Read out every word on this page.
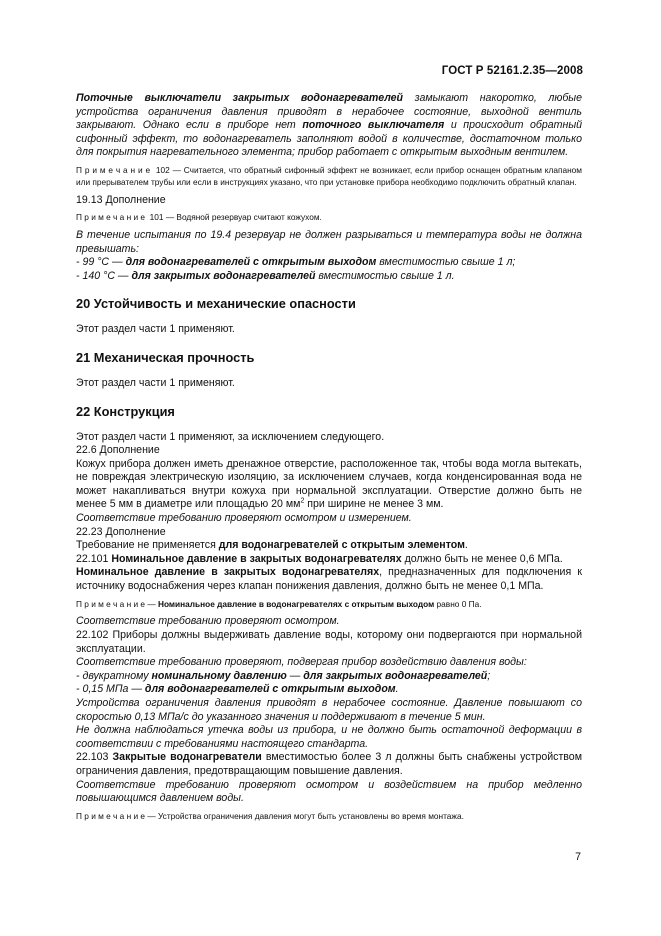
ГОСТ Р 52161.2.35—2008

Поточные выключатели закрытых водонагревателей замыкают накоротко, любые устройства ограничения давления приводят в нерабочее состояние, выходной вентиль закрывают. Однако если в приборе нет поточного выключателя и происходит обратный сифонный эффект, то водонагреватель заполняют водой в количестве, достаточном только для покрытия нагревательного элемента; прибор работает с открытым выходным вентилем.

П р и м е ч а н и е 102 — Считается, что обратный сифонный эффект не возникает, если прибор оснащен обратным клапаном или прерывателем трубы или если в инструкциях указано, что при установке прибора необходимо подключить обратный клапан.

19.13 Дополнение

П р и м е ч а н и е 101 — Водяной резервуар считают кожухом.

В течение испытания по 19.4 резервуар не должен разрываться и температура воды не должна превышать:

- 99 °С — для водонагревателей с открытым выходом вместимостью свыше 1 л;

- 140 °С — для закрытых водонагревателей вместимостью свыше 1 л.

20 Устойчивость и механические опасности

Этот раздел части 1 применяют.

21 Механическая прочность

Этот раздел части 1 применяют.

22 Конструкция

Этот раздел части 1 применяют, за исключением следующего.

22.6 Дополнение

Кожух прибора должен иметь дренажное отверстие, расположенное так, чтобы вода могла вытекать, не повреждая электрическую изоляцию, за исключением случаев, когда конденсированная вода не может накапливаться внутри кожуха при нормальной эксплуатации. Отверстие должно быть не менее 5 мм в диаметре или площадью 20 $мм^2$ при ширине не менее 3 мм.

Соответствие требованию проверяют осмотром и измерением.

22.23 Дополнение

Требование не применяется для водонагревателей с открытым элементом.

22.101 Номинальное давление в закрытых водонагревателях должно быть не менее 0,6 МПа.

Номинальное давление в закрытых водонагревателях, предназначенных для подключения к источнику водоснабжения через клапан понижения давления, должно быть не менее 0,1 МПа.

П р и м е ч а н и е — Номинальное давление в водонагревателях с открытым выходом равно 0 Па.

Соответствие требованию проверяют осмотром.

22.102 Приборы должны выдерживать давление воды, которому они подвергаются при нормальной эксплуатации.

Соответствие требованию проверяют, подвергая прибор воздействию давления воды:

- двукратному номинальному давлению — для закрытых водонагревателей;

- 0,15 МПа — для водонагревателей с открытым выходом.

Устройства ограничения давления приводят в нерабочее состояние. Давление повышают со скоростью 0,13 МПа/с до указанного значения и поддерживают в течение 5 мин.

Не должна наблюдаться утечка воды из прибора, и не должно быть остаточной деформации в соответствии с требованиями настоящего стандарта.

22.103 Закрытые водонагреватели вместимостью более 3 л должны быть снабжены устройством ограничения давления, предотвращающим повышение давления.

Соответствие требованию проверяют осмотром и воздействием на прибор медленно повышающимся давлением воды.

П р и м е ч а н и е — Устройства ограничения давления могут быть установлены во время монтажа.

7
